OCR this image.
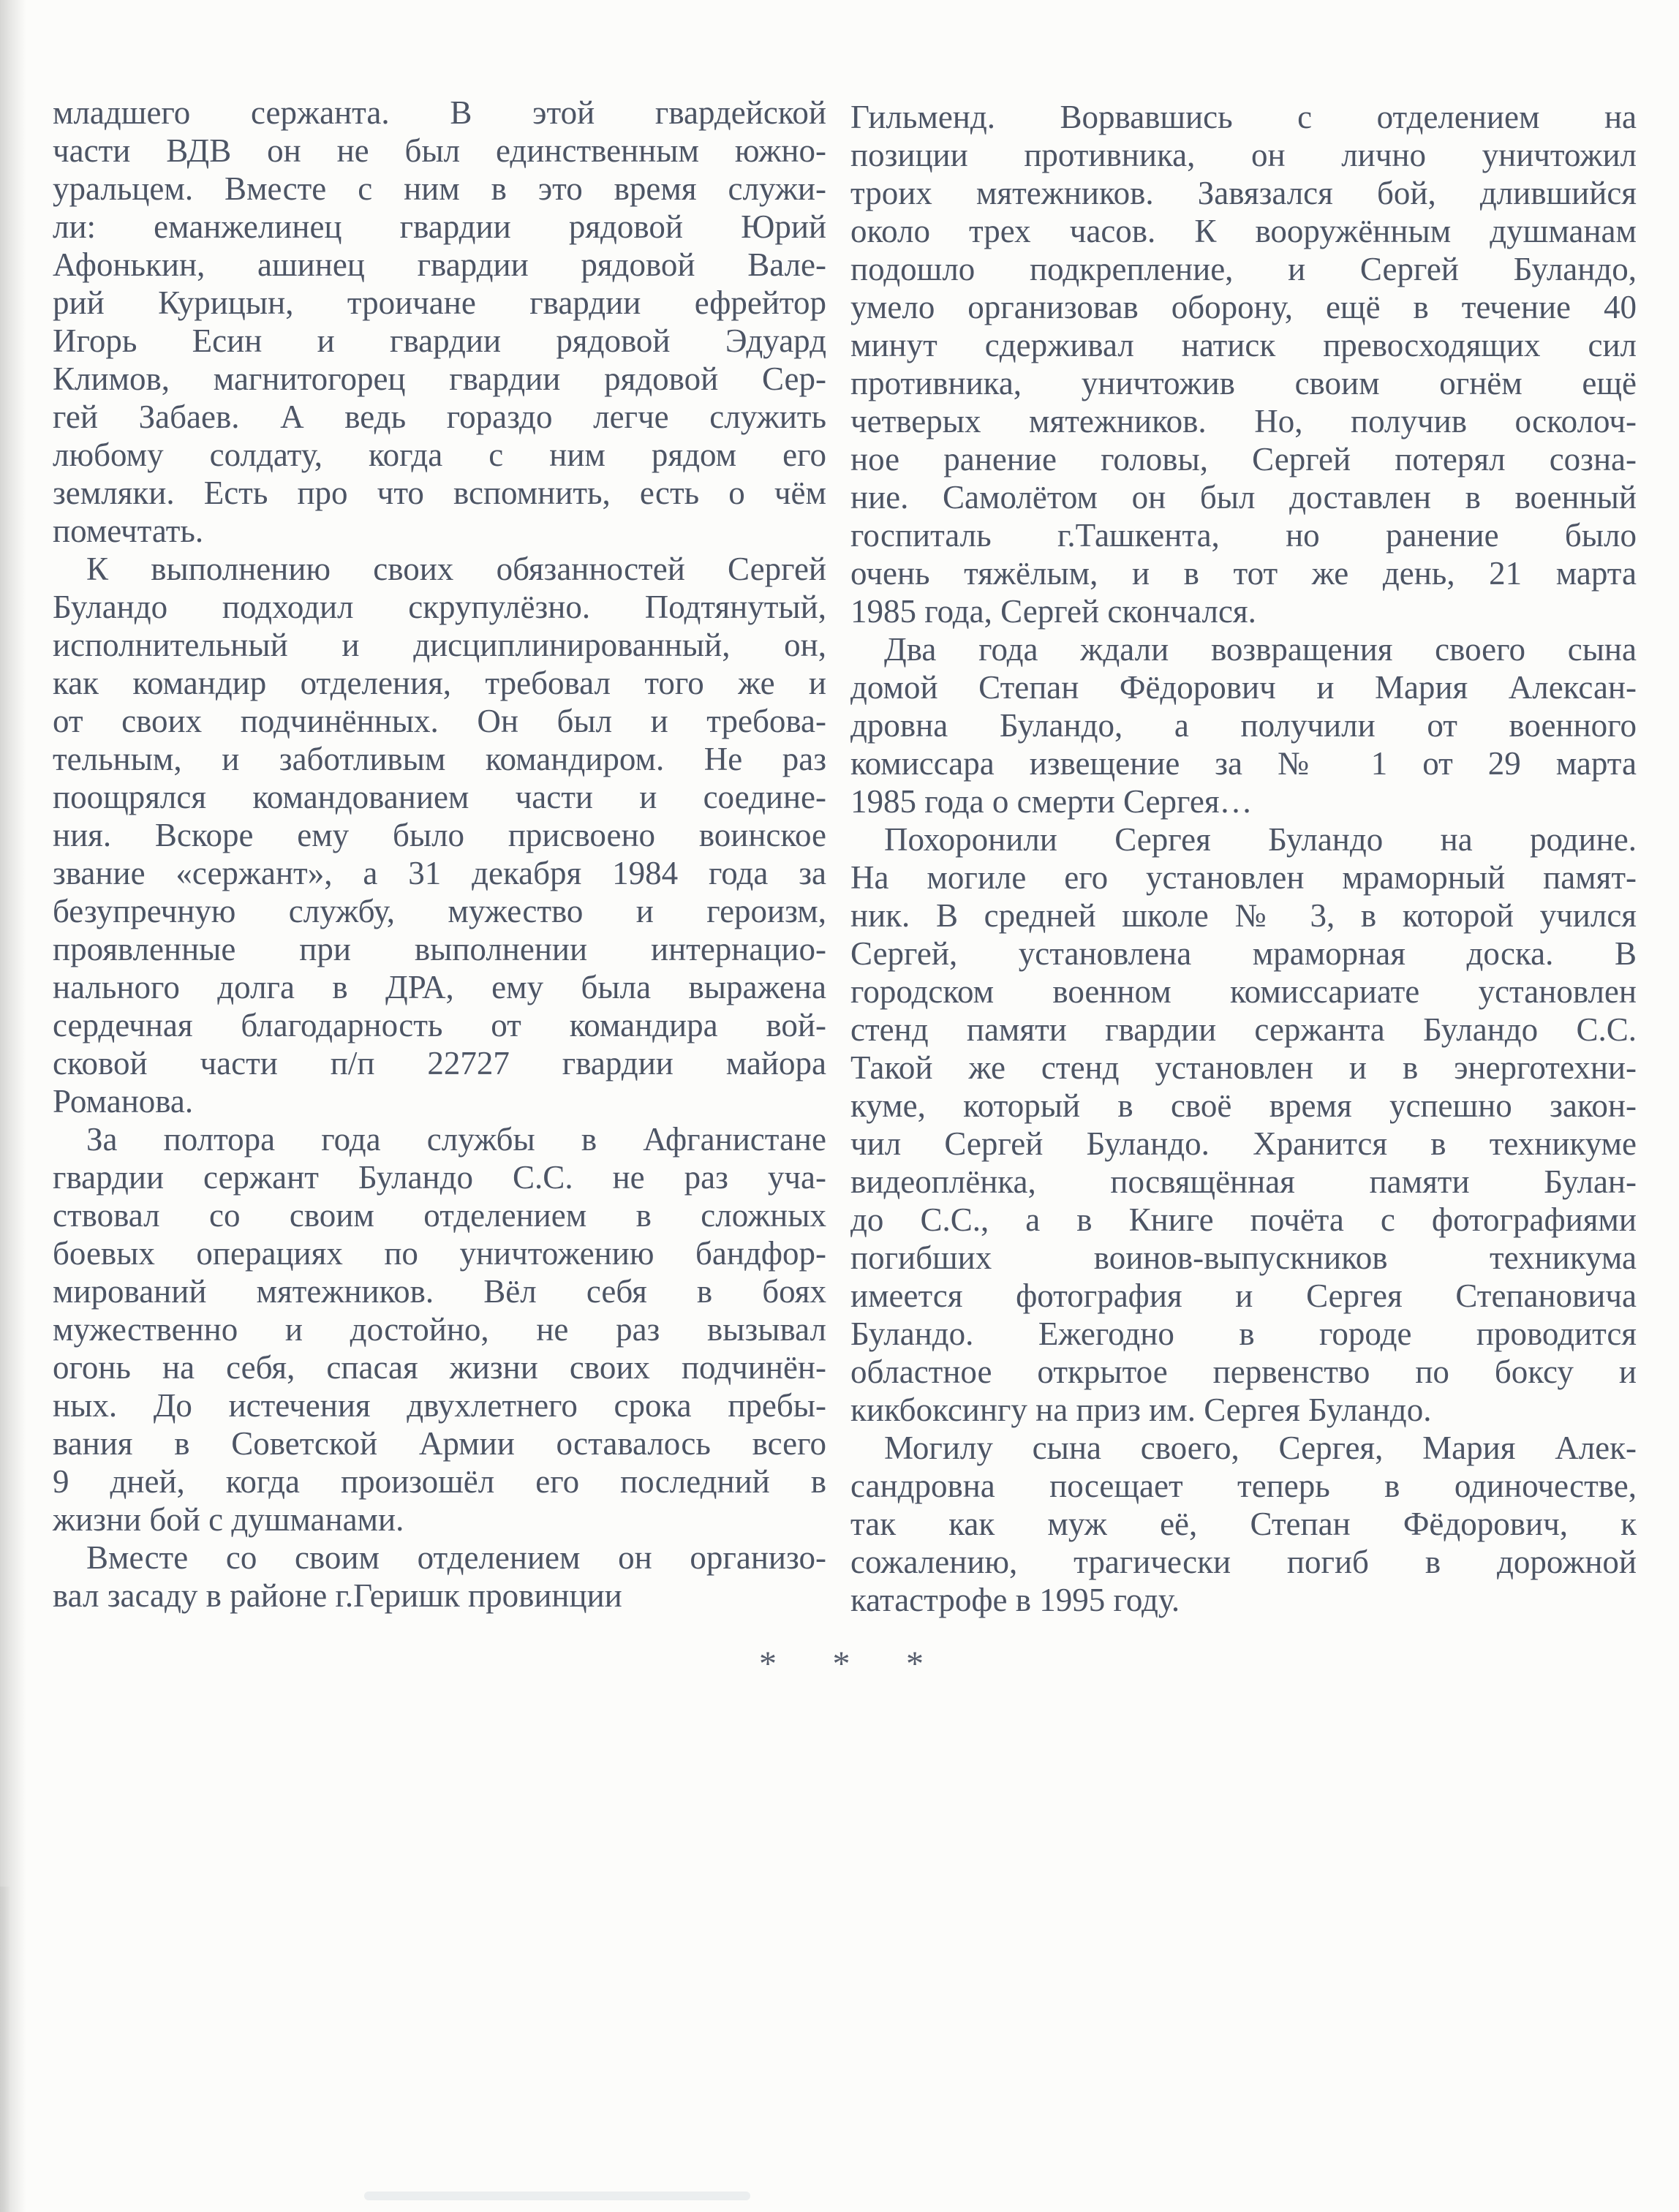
младшего сержанта. В этой гвардейской
части ВДВ он не был единственным южно-
уральцем. Вместе с ним в это время служи-
ли: еманжелинец гвардии рядовой Юрий
Афонькин, ашинец гвардии рядовой Вале-
рий Курицын, троичане гвардии ефрейтор
Игорь Есин и гвардии рядовой Эдуард
Климов, магнитогорец гвардии рядовой Сер-
гей Забаев. А ведь гораздо легче служить
любому солдату, когда с ним рядом его
земляки. Есть про что вспомнить, есть о чём
помечтать.
К выполнению своих обязанностей Сергей
Буландо подходил скрупулёзно. Подтянутый,
исполнительный и дисциплинированный, он,
как командир отделения, требовал того же и
от своих подчинённых. Он был и требова-
тельным, и заботливым командиром. Не раз
поощрялся командованием части и соедине-
ния. Вскоре ему было присвоено воинское
звание «сержант», а 31 декабря 1984 года за
безупречную службу, мужество и героизм,
проявленные при выполнении интернацио-
нального долга в ДРА, ему была выражена
сердечная благодарность от командира вой-
сковой части п/п 22727 гвардии майора
Романова.
За полтора года службы в Афганистане
гвардии сержант Буландо С.С. не раз уча-
ствовал со своим отделением в сложных
боевых операциях по уничтожению бандфор-
мирований мятежников. Вёл себя в боях
мужественно и достойно, не раз вызывал
огонь на себя, спасая жизни своих подчинён-
ных. До истечения двухлетнего срока пребы-
вания в Советской Армии оставалось всего
9 дней, когда произошёл его последний в
жизни бой с душманами.
Вместе со своим отделением он организо-
вал засаду в районе г.Геришк провинции
Гильменд. Ворвавшись с отделением на
позиции противника, он лично уничтожил
троих мятежников. Завязался бой, длившийся
около трех часов. К вооружённым душманам
подошло подкрепление, и Сергей Буландо,
умело организовав оборону, ещё в течение 40
минут сдерживал натиск превосходящих сил
противника, уничтожив своим огнём ещё
четверых мятежников. Но, получив осколоч-
ное ранение головы, Сергей потерял созна-
ние. Самолётом он был доставлен в военный
госпиталь г.Ташкента, но ранение было
очень тяжёлым, и в тот же день, 21 марта
1985 года, Сергей скончался.
Два года ждали возвращения своего сына
домой Степан Фёдорович и Мария Алексан-
дровна Буландо, а получили от военного
комиссара извещение за № 1 от 29 марта
1985 года о смерти Сергея…
Похоронили Сергея Буландо на родине.
На могиле его установлен мраморный памят-
ник. В средней школе № 3, в которой учился
Сергей, установлена мраморная доска. В
городском военном комиссариате установлен
стенд памяти гвардии сержанта Буландо С.С.
Такой же стенд установлен и в энерготехни-
куме, который в своё время успешно закон-
чил Сергей Буландо. Хранится в техникуме
видеоплёнка, посвящённая памяти Булан-
до С.С., а в Книге почёта с фотографиями
погибших воинов-выпускников техникума
имеется фотография и Сергея Степановича
Буландо. Ежегодно в городе проводится
областное открытое первенство по боксу и
кикбоксингу на приз им. Сергея Буландо.
Могилу сына своего, Сергея, Мария Алек-
сандровна посещает теперь в одиночестве,
так как муж её, Степан Фёдорович, к
сожалению, трагически погиб в дорожной
катастрофе в 1995 году.
* * *
